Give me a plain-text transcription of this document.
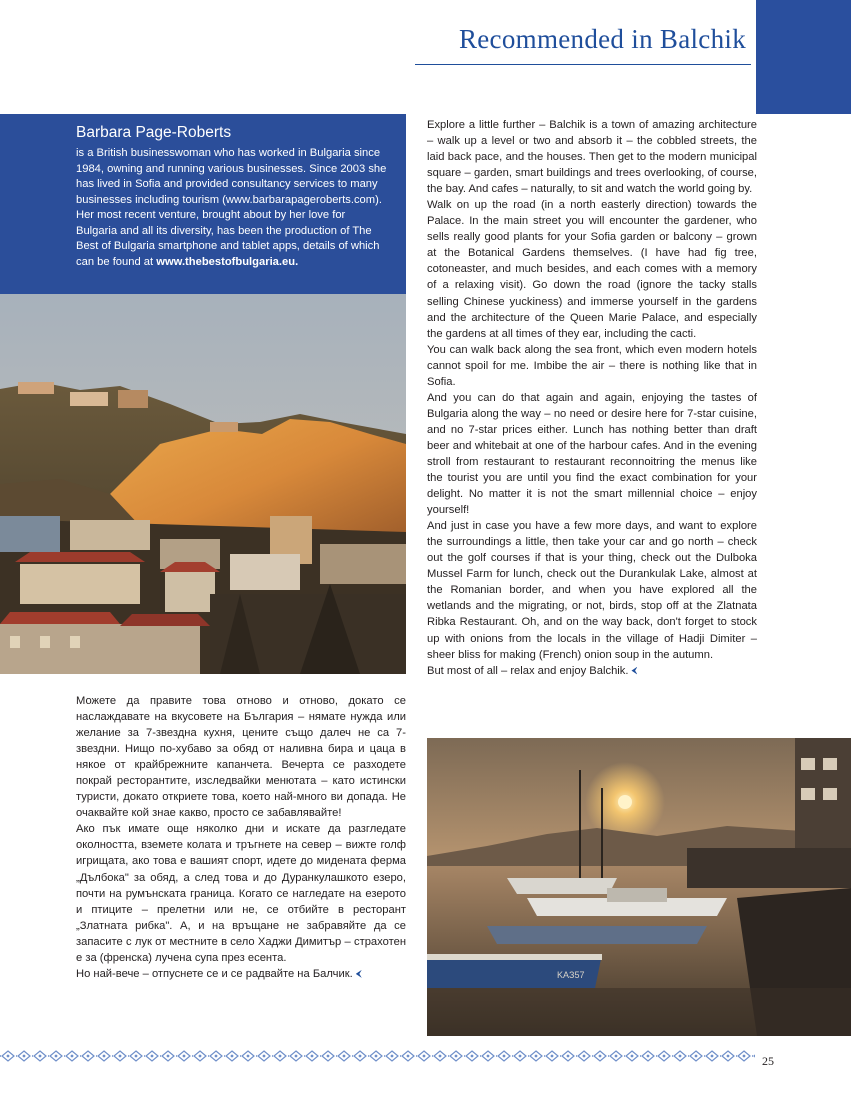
Recommended in Balchik
Barbara Page-Roberts
is a British businesswoman who has worked in Bulgaria since 1984, owning and running various businesses. Since 2003 she has lived in Sofia and provided consultancy services to many businesses including tourism (www.barbarapageroberts.com). Her most recent venture, brought about by her love for Bulgaria and all its diversity, has been the production of The Best of Bulgaria smartphone and tablet apps, details of which can be found at www.thebestofbulgaria.eu.

Explore a little further – Balchik is a town of amazing architecture – walk up a level or two and absorb it – the cobbled streets, the laid back pace, and the houses. Then get to the modern municipal square – garden, smart buildings and trees overlooking, of course, the bay. And cafes – naturally, to sit and watch the world going by.

Walk on up the road (in a north easterly direction) towards the Palace. In the main street you will encounter the gardener, who sells really good plants for your Sofia garden or balcony – grown at the Botanical Gardens themselves. (I have had fig tree, cotoneaster, and much besides, and each comes with a memory of a relaxing visit). Go down the road (ignore the tacky stalls selling Chinese yuckiness) and immerse yourself in the gardens and the architecture of the Queen Marie Palace, and especially the gardens at all times of they ear, including the cacti.

You can walk back along the sea front, which even modern hotels cannot spoil for me. Imbibe the air – there is nothing like that in Sofia.

And you can do that again and again, enjoying the tastes of Bulgaria along the way – no need or desire here for 7-star cuisine, and no 7-star prices either. Lunch has nothing better than draft beer and whitebait at one of the harbour cafes. And in the evening stroll from restaurant to restaurant reconnoitring the menus like the tourist you are until you find the exact combination for your delight. No matter it is not the smart millennial choice – enjoy yourself!

And just in case you have a few more days, and want to explore the surroundings a little, then take your car and go north – check out the golf courses if that is your thing, check out the Dulboka Mussel Farm for lunch, check out the Durankulak Lake, almost at the Romanian border, and when you have explored all the wetlands and the migrating, or not, birds, stop off at the Zlatnata Ribka Restaurant. Oh, and on the way back, don't forget to stock up with onions from the locals in the village of Hadji Dimiter – sheer bliss for making (French) onion soup in the autumn.

But most of all – relax and enjoy Balchik.

Можете да правите това отново и отново, докато се наслаждавате на вкусовете на България – нямате нужда или желание за 7-звездна кухня, цените също далеч не са 7-звездни. Нищо по-хубаво за обяд от наливна бира и цаца в някое от крайбрежните капанчета. Вечерта се разходете покрай ресторантите, изследвайки менютата – като истински туристи, докато откриете това, което най-много ви допада. Не очаквайте кой знае какво, просто се забавлявайте!

Ако пък имате още няколко дни и искате да разгледате околността, вземете колата и тръгнете на север – вижте голф игрищата, ако това е вашият спорт, идете до мидената ферма „Дълбока" за обяд, а след това и до Дуранкулашкото езеро, почти на румънската граница. Когато се нагледате на езерото и птиците – прелетни или не, се отбийте в ресторант „Златната рибка". А, и на връщане не забравяйте да се запасите с лук от местните в село Хаджи Димитър – страхотен е за (френска) лучена супа през есента.

Но най-вече – отпуснете се и се радвайте на Балчик.	KAЗ57
25
